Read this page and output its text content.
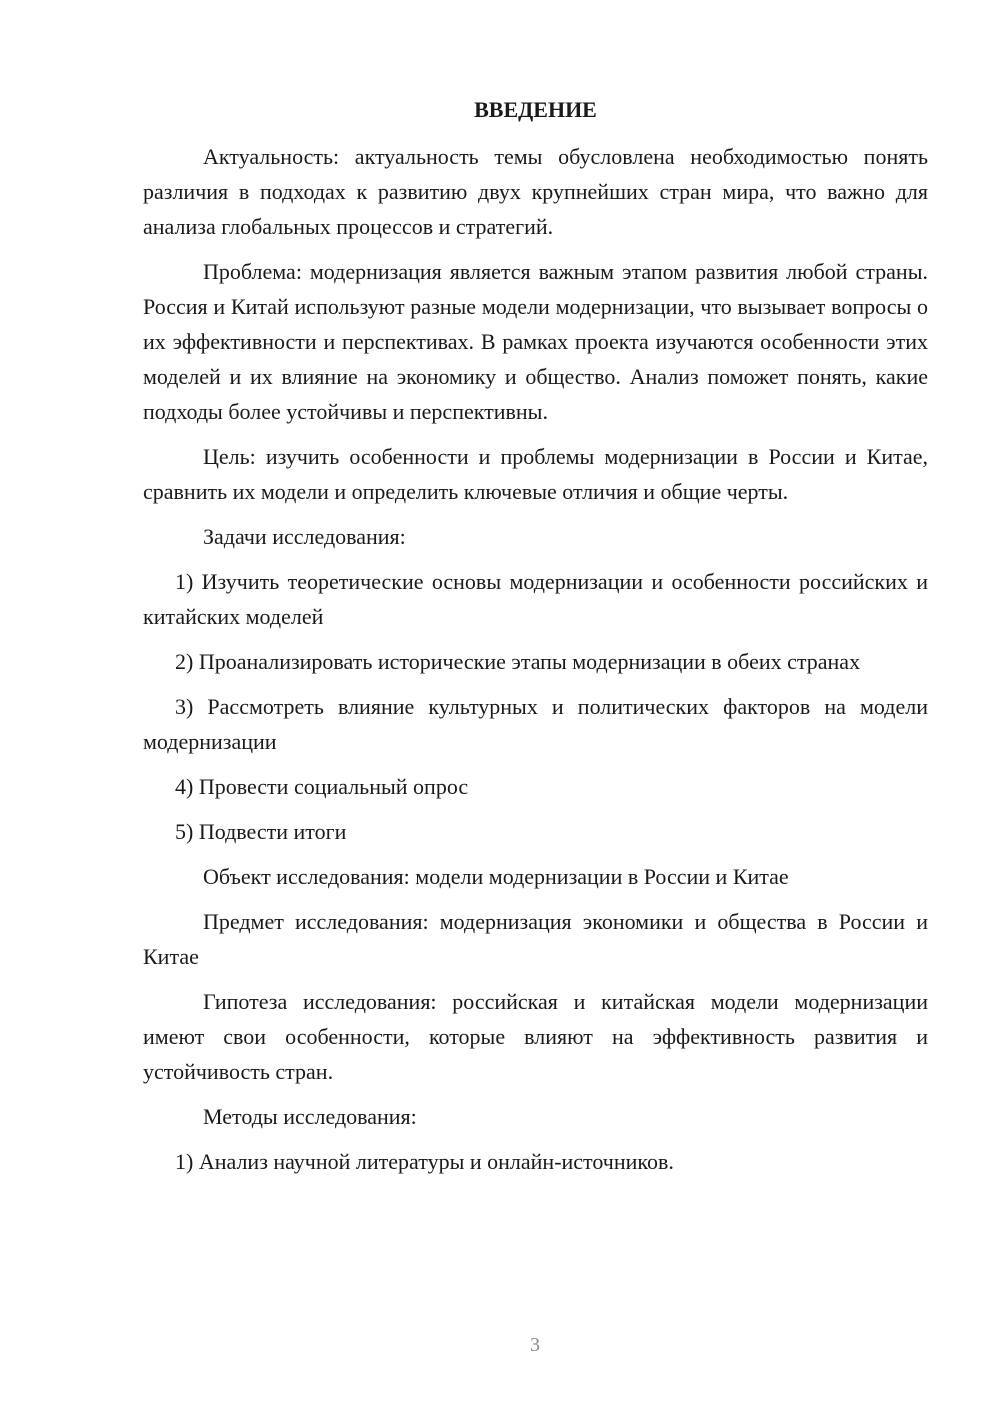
ВВЕДЕНИЕ

Актуальность: актуальность темы обусловлена необходимостью понять различия в подходах к развитию двух крупнейших стран мира, что важно для анализа глобальных процессов и стратегий.

Проблема: модернизация является важным этапом развития любой страны. Россия и Китай используют разные модели модернизации, что вызывает вопросы о их эффективности и перспективах. В рамках проекта изучаются особенности этих моделей и их влияние на экономику и общество. Анализ поможет понять, какие подходы более устойчивы и перспективны.

Цель: изучить особенности и проблемы модернизации в России и Китае, сравнить их модели и определить ключевые отличия и общие черты.

Задачи исследования:

1) Изучить теоретические основы модернизации и особенности российских и китайских моделей

2) Проанализировать исторические этапы модернизации в обеих странах

3) Рассмотреть влияние культурных и политических факторов на модели модернизации

4) Провести социальный опрос

5) Подвести итоги

Объект исследования: модели модернизации в России и Китае

Предмет исследования: модернизация экономики и общества в России и Китае

Гипотеза исследования: российская и китайская модели модернизации имеют свои особенности, которые влияют на эффективность развития и устойчивость стран.

Методы исследования:

1) Анализ научной литературы и онлайн-источников.

3
